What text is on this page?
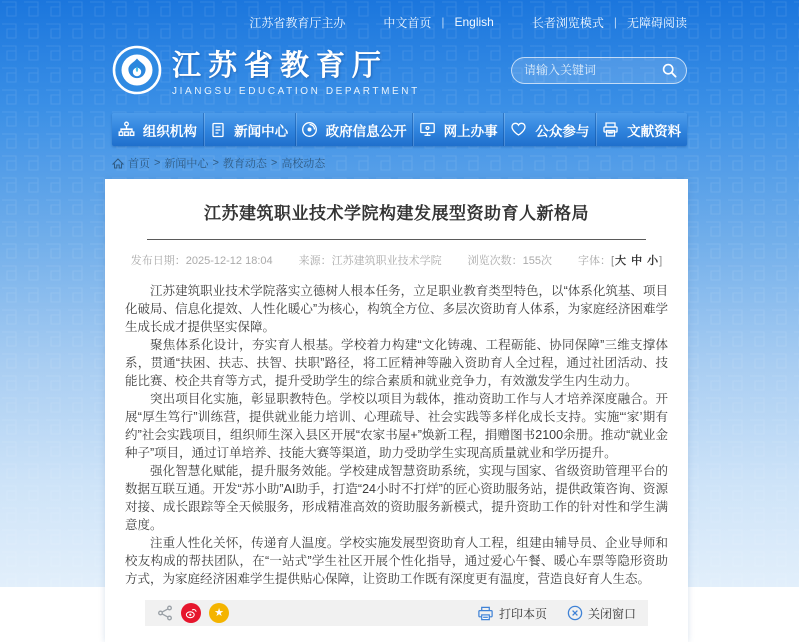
江苏省教育厅主办	中文首页 | English	长者浏览模式 | 无障碍阅读
江苏省教育厅
JIANGSU EDUCATION DEPARTMENT
请输入关键词
组织机构	新闻中心	政府信息公开	网上办事	公众参与	文献资料
首页 > 新闻中心 > 教育动态 > 高校动态
江苏建筑职业技术学院构建发展型资助育人新格局
发布日期：2025-12-12 18:04 来源：江苏建筑职业技术学院 浏览次数：155次 字体：[大 中 小]

江苏建筑职业技术学院落实立德树人根本任务，立足职业教育类型特色，以“体系化筑基、项目化破局、信息化提效、人性化暖心”为核心，构筑全方位、多层次资助育人体系，为家庭经济困难学生成长成才提供坚实保障。

聚焦体系化设计，夯实育人根基。学校着力构建“文化铸魂、工程砺能、协同保障”三维支撑体系，贯通“扶困、扶志、扶智、扶职”路径，将工匠精神等融入资助育人全过程，通过社团活动、技能比赛、校企共育等方式，提升受助学生的综合素质和就业竞争力，有效激发学生内生动力。

突出项目化实施，彰显职教特色。学校以项目为载体，推动资助工作与人才培养深度融合。开展“厚生笃行”训练营，提供就业能力培训、心理疏导、社会实践等多样化成长支持。实施“‘家’期有约”社会实践项目，组织师生深入县区开展“农家书屋+”焕新工程，捐赠图书2100余册。推动“就业金种子”项目，通过订单培养、技能大赛等渠道，助力受助学生实现高质量就业和学历提升。

强化智慧化赋能，提升服务效能。学校建成智慧资助系统，实现与国家、省级资助管理平台的数据互联互通。开发“苏小助”AI助手，打造“24小时不打烊”的匠心资助服务站，提供政策咨询、资源对接、成长跟踪等全天候服务，形成精准高效的资助服务新模式，提升资助工作的针对性和学生满意度。

注重人性化关怀，传递育人温度。学校实施发展型资助育人工程，组建由辅导员、企业导师和校友构成的帮扶团队，在“一站式”学生社区开展个性化指导，通过爱心午餐、暖心车票等隐形资助方式，为家庭经济困难学生提供贴心保障，让资助工作既有深度更有温度，营造良好育人生态。

★	打印本页	关闭窗口
